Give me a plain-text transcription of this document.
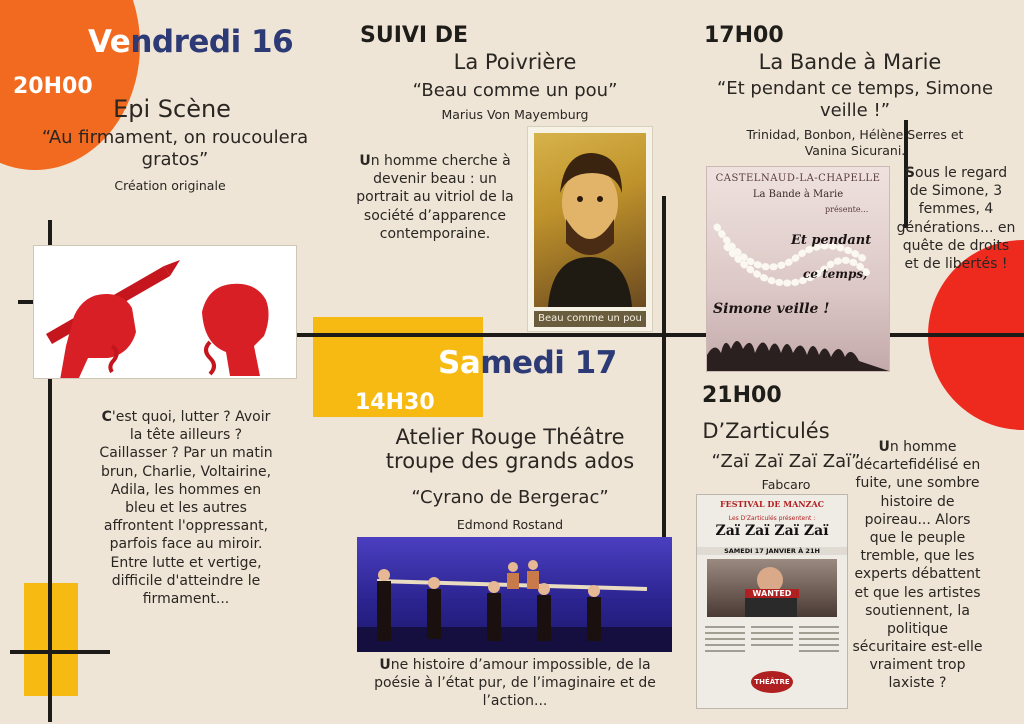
Vendredi 16
20H00
Epi Scène
“Au firmament, on roucoulera gratos”
Création originale
C'est quoi, lutter ? Avoir la tête ailleurs ? Caillasser ? Par un matin brun, Charlie, Voltairine, Adila, les hommes en bleu et les autres affrontent l'oppressant, parfois face au miroir. Entre lutte et vertige, difficile d'atteindre le firmament...
SUIVI DE
La Poivrière
“Beau comme un pou”
Marius Von Mayemburg
Un homme cherche à devenir beau : un portrait au vitriol de la société d’apparence contemporaine.
Beau comme un pou
17H00
La Bande à Marie
“Et pendant ce temps, Simone veille !”
Trinidad, Bonbon, Hélène Serres et Vanina Sicurani.
CASTELNAUD-LA-CHAPELLE
La Bande à Marie
présente...
Et pendant
ce temps,
Simone veille !
Sous le regard de Simone, 3 femmes, 4 générations... en quête de droits et de libertés !
Samedi 17
14H30
Atelier Rouge Théâtre
troupe des grands ados
“Cyrano de Bergerac”
Edmond Rostand
Une histoire d’amour impossible, de la poésie à l’état pur, de l’imaginaire et de l’action...
21H00
D’Zarticulés
“Zaï Zaï Zaï Zaï”
Fabcaro
FESTIVAL DE MANZAC
Les D'Zarticulés présentent :
Zaï Zaï Zaï Zaï
SAMEDI 17 JANVIER À 21H
WANTED
THÉÂTRE
Un homme décartefidélisé en fuite, une sombre histoire de poireau... Alors que le peuple tremble, que les experts débattent et que les artistes soutiennent, la politique sécuritaire est-elle vraiment trop laxiste ?
